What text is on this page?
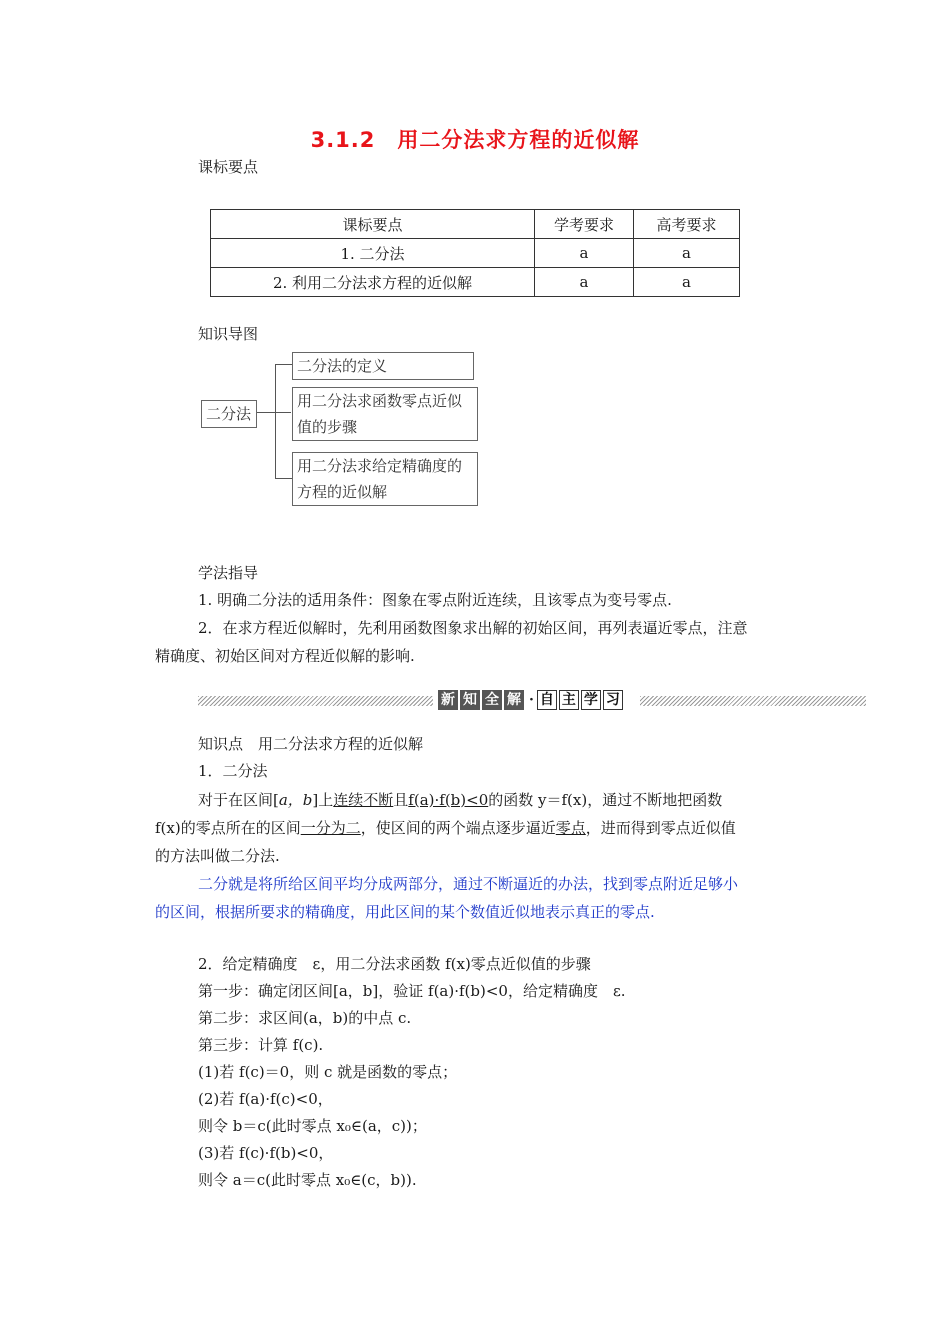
3.1.2　用二分法求方程的近似解
课标要点
课标要点	学考要求	高考要求
1. 二分法	a	a
2. 利用二分法求方程的近似解	a	a
知识导图
二分法
二分法的定义
用二分法求函数零点近似
值的步骤
用二分法求给定精确度的
方程的近似解
学法指导
1. 明确二分法的适用条件：图象在零点附近连续，且该零点为变号零点.
2．在求方程近似解时，先利用函数图象求出解的初始区间，再列表逼近零点，注意
精确度、初始区间对方程近似解的影响.
新 知 全 解 · 自 主 学 习
知识点　用二分法求方程的近似解
1．二分法
对于在区间[a，b]上连续不断且f(a)·f(b)<0的函数 y＝f(x)，通过不断地把函数
f(x)的零点所在的区间一分为二，使区间的两个端点逐步逼近零点，进而得到零点近似值
的方法叫做二分法.
二分就是将所给区间平均分成两部分，通过不断逼近的办法，找到零点附近足够小
的区间，根据所要求的精确度，用此区间的某个数值近似地表示真正的零点.
2．给定精确度　ε，用二分法求函数 f(x)零点近似值的步骤
第一步：确定闭区间[a，b]，验证 f(a)·f(b)<0，给定精确度　ε.
第二步：求区间(a，b)的中点 c.
第三步：计算 f(c).
(1)若 f(c)＝0，则 c 就是函数的零点；
(2)若 f(a)·f(c)<0，
则令 b＝c(此时零点 x₀∈(a，c))；
(3)若 f(c)·f(b)<0，
则令 a＝c(此时零点 x₀∈(c，b)).
